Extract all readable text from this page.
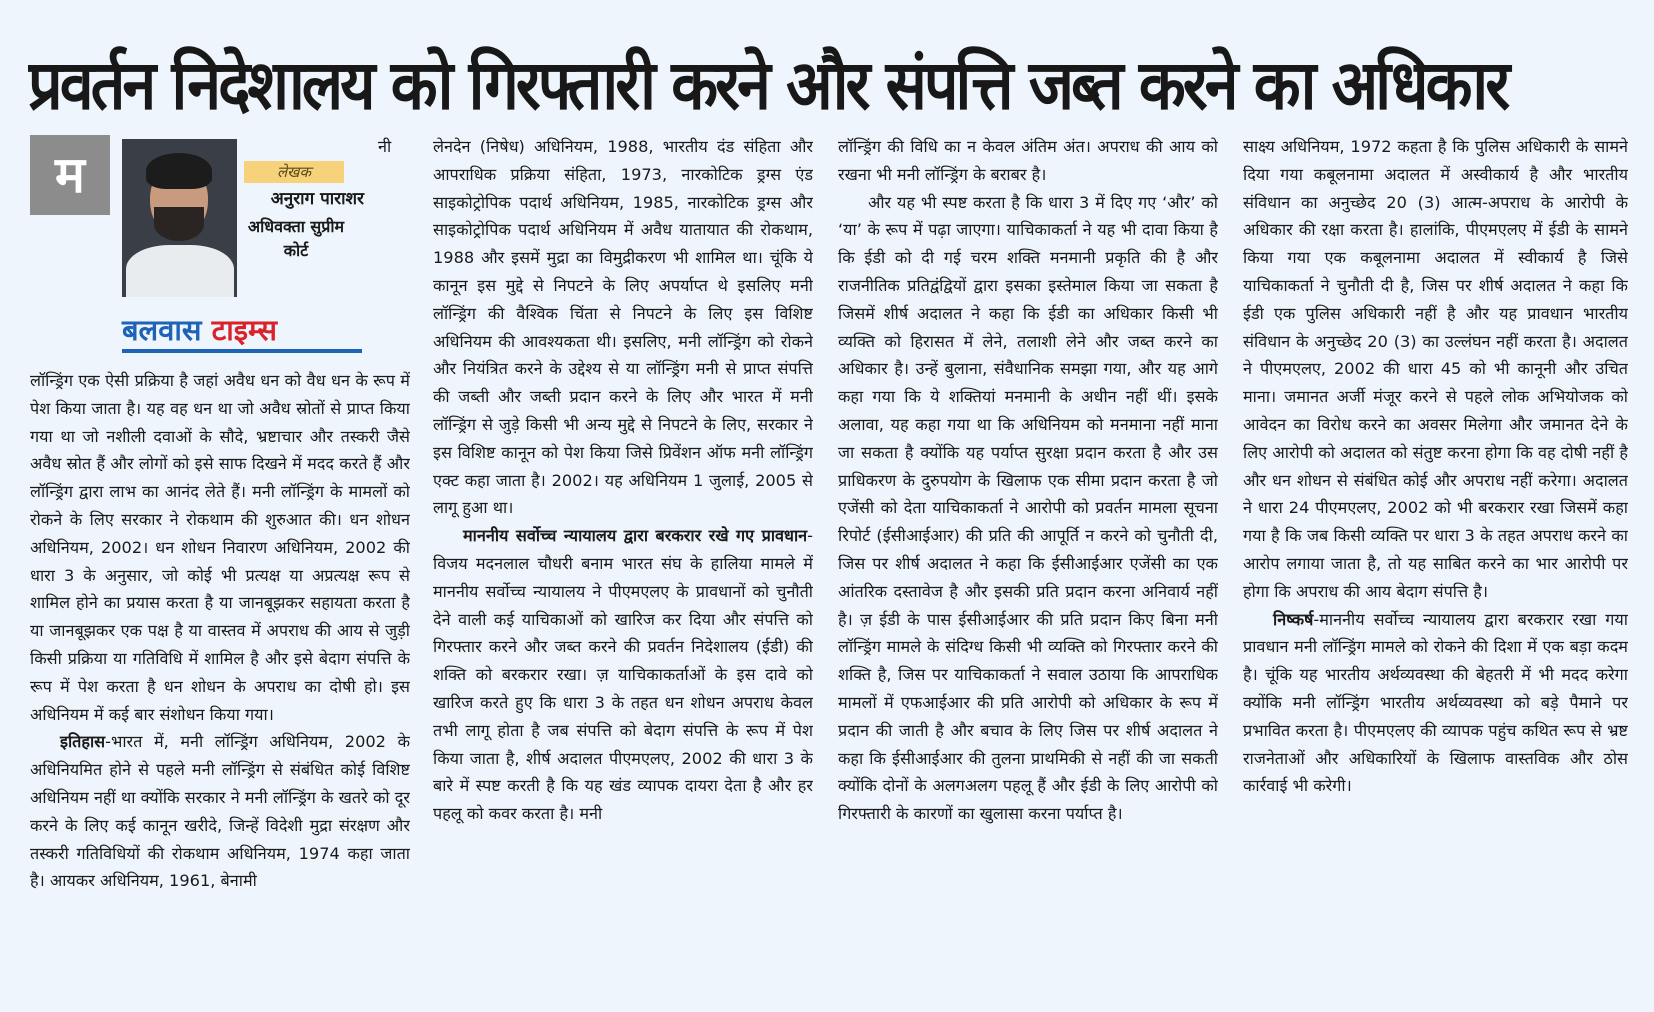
प्रवर्तन निदेशालय को गिरफ्तारी करने और संपत्ति जब्त करने का अधिकार
म	लेखक
अनुराग पाराशर
अधिवक्ता सुप्रीम कोर्ट
बलवास टाइम्स

नी लॉन्ड्रिंग एक ऐसी प्रक्रिया है जहां अवैध धन को वैध धन के रूप में पेश किया जाता है। यह वह धन था जो अवैध स्रोतों से प्राप्त किया गया था जो नशीली दवाओं के सौदे, भ्रष्टाचार और तस्करी जैसे अवैध स्रोत हैं और लोगों को इसे साफ दिखने में मदद करते हैं और लॉन्ड्रिंग द्वारा लाभ का आनंद लेते हैं। मनी लॉन्ड्रिंग के मामलों को रोकने के लिए सरकार ने रोकथाम की शुरुआत की। धन शोधन अधिनियम, 2002। धन शोधन निवारण अधिनियम, 2002 की धारा 3 के अनुसार, जो कोई भी प्रत्यक्ष या अप्रत्यक्ष रूप से शामिल होने का प्रयास करता है या जानबूझकर सहायता करता है या जानबूझकर एक पक्ष है या वास्तव में अपराध की आय से जुड़ी किसी प्रक्रिया या गतिविधि में शामिल है और इसे बेदाग संपत्ति के रूप में पेश करता है धन शोधन के अपराध का दोषी हो। इस अधिनियम में कई बार संशोधन किया गया।

इतिहास-भारत में, मनी लॉन्ड्रिंग अधिनियम, 2002 के अधिनियमित होने से पहले मनी लॉन्ड्रिंग से संबंधित कोई विशिष्ट अधिनियम नहीं था क्योंकि सरकार ने मनी लॉन्ड्रिंग के खतरे को दूर करने के लिए कई कानून खरीदे, जिन्हें विदेशी मुद्रा संरक्षण और तस्करी गतिविधियों की रोकथाम अधिनियम, 1974 कहा जाता है। आयकर अधिनियम, 1961, बेनामी

लेनदेन (निषेध) अधिनियम, 1988, भारतीय दंड संहिता और आपराधिक प्रक्रिया संहिता, 1973, नारकोटिक ड्रग्स एंड साइकोट्रोपिक पदार्थ अधिनियम, 1985, नारकोटिक ड्रग्स और साइकोट्रोपिक पदार्थ अधिनियम में अवैध यातायात की रोकथाम, 1988 और इसमें मुद्रा का विमुद्रीकरण भी शामिल था। चूंकि ये कानून इस मुद्दे से निपटने के लिए अपर्याप्त थे इसलिए मनी लॉन्ड्रिंग की वैश्विक चिंता से निपटने के लिए इस विशिष्ट अधिनियम की आवश्यकता थी। इसलिए, मनी लॉन्ड्रिंग को रोकने और नियंत्रित करने के उद्देश्य से या लॉन्ड्रिंग मनी से प्राप्त संपत्ति की जब्ती और जब्ती प्रदान करने के लिए और भारत में मनी लॉन्ड्रिंग से जुड़े किसी भी अन्य मुद्दे से निपटने के लिए, सरकार ने इस विशिष्ट कानून को पेश किया जिसे प्रिवेंशन ऑफ मनी लॉन्ड्रिंग एक्ट कहा जाता है। 2002। यह अधिनियम 1 जुलाई, 2005 से लागू हुआ था।

माननीय सर्वोच्च न्यायालय द्वारा बरकरार रखे गए प्रावधान-विजय मदनलाल चौधरी बनाम भारत संघ के हालिया मामले में माननीय सर्वोच्च न्यायालय ने पीएमएलए के प्रावधानों को चुनौती देने वाली कई याचिकाओं को खारिज कर दिया और संपत्ति को गिरफ्तार करने और जब्त करने की प्रवर्तन निदेशालय (ईडी) की शक्ति को बरकरार रखा। ज़ याचिकाकर्ताओं के इस दावे को खारिज करते हुए कि धारा 3 के तहत धन शोधन अपराध केवल तभी लागू होता है जब संपत्ति को बेदाग संपत्ति के रूप में पेश किया जाता है, शीर्ष अदालत पीएमएलए, 2002 की धारा 3 के बारे में स्पष्ट करती है कि यह खंड व्यापक दायरा देता है और हर पहलू को कवर करता है। मनी

लॉन्ड्रिंग की विधि का न केवल अंतिम अंत। अपराध की आय को रखना भी मनी लॉन्ड्रिंग के बराबर है।

और यह भी स्पष्ट करता है कि धारा 3 में दिए गए ‘और’ को ‘या’ के रूप में पढ़ा जाएगा। याचिकाकर्ता ने यह भी दावा किया है कि ईडी को दी गई चरम शक्ति मनमानी प्रकृति की है और राजनीतिक प्रतिद्वंद्वियों द्वारा इसका इस्तेमाल किया जा सकता है जिसमें शीर्ष अदालत ने कहा कि ईडी का अधिकार किसी भी व्यक्ति को हिरासत में लेने, तलाशी लेने और जब्त करने का अधिकार है। उन्हें बुलाना, संवैधानिक समझा गया, और यह आगे कहा गया कि ये शक्तियां मनमानी के अधीन नहीं थीं। इसके अलावा, यह कहा गया था कि अधिनियम को मनमाना नहीं माना जा सकता है क्योंकि यह पर्याप्त सुरक्षा प्रदान करता है और उस प्राधिकरण के दुरुपयोग के खिलाफ एक सीमा प्रदान करता है जो एजेंसी को देता याचिकाकर्ता ने आरोपी को प्रवर्तन मामला सूचना रिपोर्ट (ईसीआईआर) की प्रति की आपूर्ति न करने को चुनौती दी, जिस पर शीर्ष अदालत ने कहा कि ईसीआईआर एजेंसी का एक आंतरिक दस्तावेज है और इसकी प्रति प्रदान करना अनिवार्य नहीं है। ज़ ईडी के पास ईसीआईआर की प्रति प्रदान किए बिना मनी लॉन्ड्रिंग मामले के संदिग्ध किसी भी व्यक्ति को गिरफ्तार करने की शक्ति है, जिस पर याचिकाकर्ता ने सवाल उठाया कि आपराधिक मामलों में एफआईआर की प्रति आरोपी को अधिकार के रूप में प्रदान की जाती है और बचाव के लिए जिस पर शीर्ष अदालत ने कहा कि ईसीआईआर की तुलना प्राथमिकी से नहीं की जा सकती क्योंकि दोनों के अलगअलग पहलू हैं और ईडी के लिए आरोपी को गिरफ्तारी के कारणों का खुलासा करना पर्याप्त है।

साक्ष्य अधिनियम, 1972 कहता है कि पुलिस अधिकारी के सामने दिया गया कबूलनामा अदालत में अस्वीकार्य है और भारतीय संविधान का अनुच्छेद 20 (3) आत्म-अपराध के आरोपी के अधिकार की रक्षा करता है। हालांकि, पीएमएलए में ईडी के सामने किया गया एक कबूलनामा अदालत में स्वीकार्य है जिसे याचिकाकर्ता ने चुनौती दी है, जिस पर शीर्ष अदालत ने कहा कि ईडी एक पुलिस अधिकारी नहीं है और यह प्रावधान भारतीय संविधान के अनुच्छेद 20 (3) का उल्लंघन नहीं करता है। अदालत ने पीएमएलए, 2002 की धारा 45 को भी कानूनी और उचित माना। जमानत अर्जी मंजूर करने से पहले लोक अभियोजक को आवेदन का विरोध करने का अवसर मिलेगा और जमानत देने के लिए आरोपी को अदालत को संतुष्ट करना होगा कि वह दोषी नहीं है और धन शोधन से संबंधित कोई और अपराध नहीं करेगा। अदालत ने धारा 24 पीएमएलए, 2002 को भी बरकरार रखा जिसमें कहा गया है कि जब किसी व्यक्ति पर धारा 3 के तहत अपराध करने का आरोप लगाया जाता है, तो यह साबित करने का भार आरोपी पर होगा कि अपराध की आय बेदाग संपत्ति है।

निष्कर्ष-माननीय सर्वोच्च न्यायालय द्वारा बरकरार रखा गया प्रावधान मनी लॉन्ड्रिंग मामले को रोकने की दिशा में एक बड़ा कदम है। चूंकि यह भारतीय अर्थव्यवस्था की बेहतरी में भी मदद करेगा क्योंकि मनी लॉन्ड्रिंग भारतीय अर्थव्यवस्था को बड़े पैमाने पर प्रभावित करता है। पीएमएलए की व्यापक पहुंच कथित रूप से भ्रष्ट राजनेताओं और अधिकारियों के खिलाफ वास्तविक और ठोस कार्रवाई भी करेगी।
